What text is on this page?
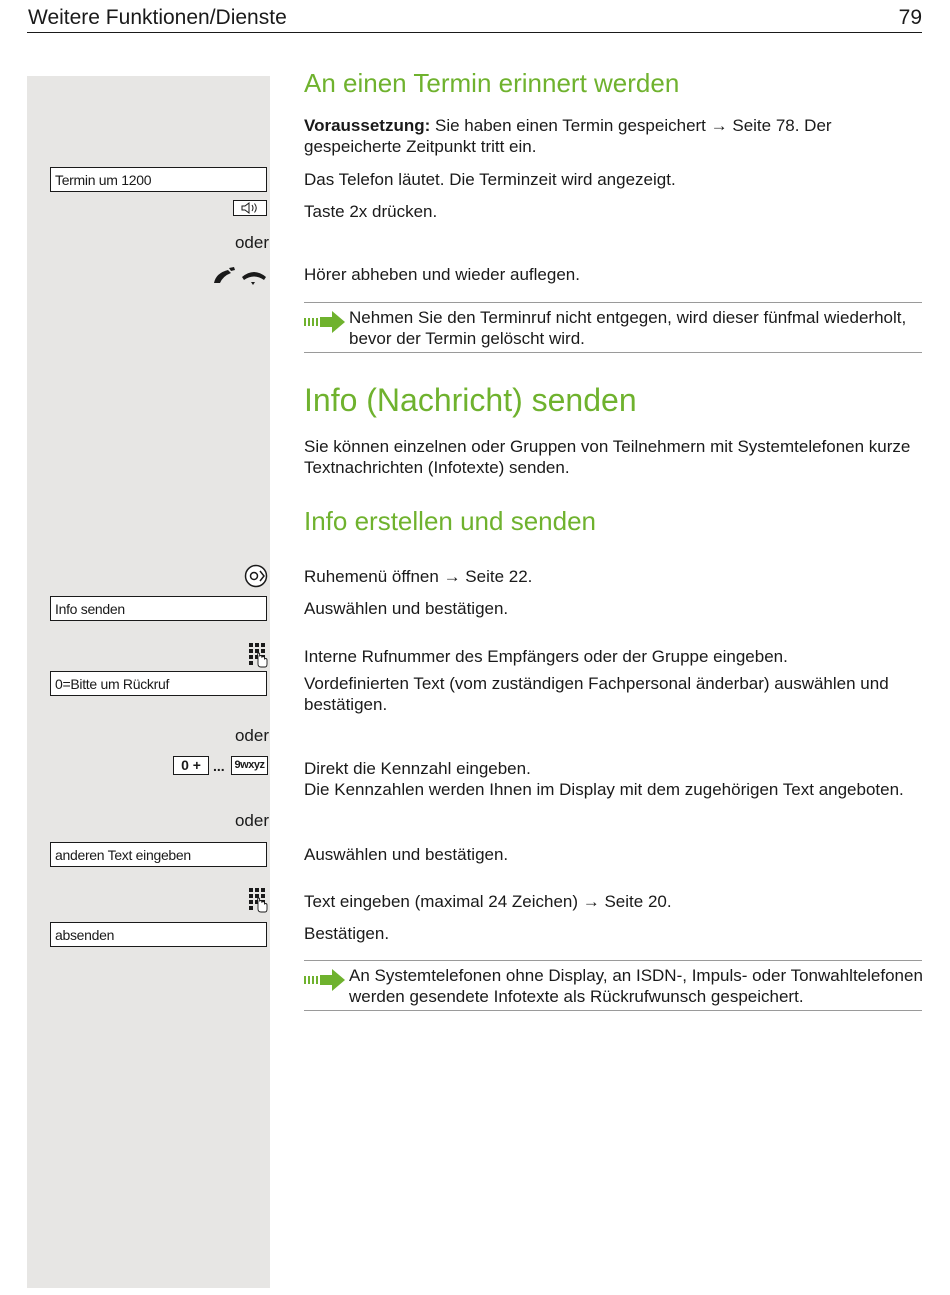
Weitere Funktionen/Dienste	79
An einen Termin erinnert werden
Voraussetzung: Sie haben einen Termin gespeichert → Seite 78. Der gespeicherte Zeitpunkt tritt ein.
Termin um 1200	Das Telefon läutet. Die Terminzeit wird angezeigt.
Taste 2x drücken.
oder
Hörer abheben und wieder auflegen.
Nehmen Sie den Terminruf nicht entgegen, wird dieser fünfmal wiederholt, bevor der Termin gelöscht wird.
Info (Nachricht) senden
Sie können einzelnen oder Gruppen von Teilnehmern mit Systemtelefonen kurze Textnachrichten (Infotexte) senden.
Info erstellen und senden
Ruhemenü öffnen → Seite 22.
Info senden	Auswählen und bestätigen.
Interne Rufnummer des Empfängers oder der Gruppe eingeben.
0=Bitte um Rückruf	Vordefinierten Text (vom zuständigen Fachpersonal änderbar) auswählen und bestätigen.
oder
0 + ... 9wxyz Direkt die Kennzahl eingeben.
Die Kennzahlen werden Ihnen im Display mit dem zugehörigen Text angeboten.
oder
anderen Text eingeben	Auswählen und bestätigen.
Text eingeben (maximal 24 Zeichen) → Seite 20.
absenden	Bestätigen.
An Systemtelefonen ohne Display, an ISDN-, Impuls- oder Tonwahltelefonen werden gesendete Infotexte als Rückrufwunsch gespeichert.
